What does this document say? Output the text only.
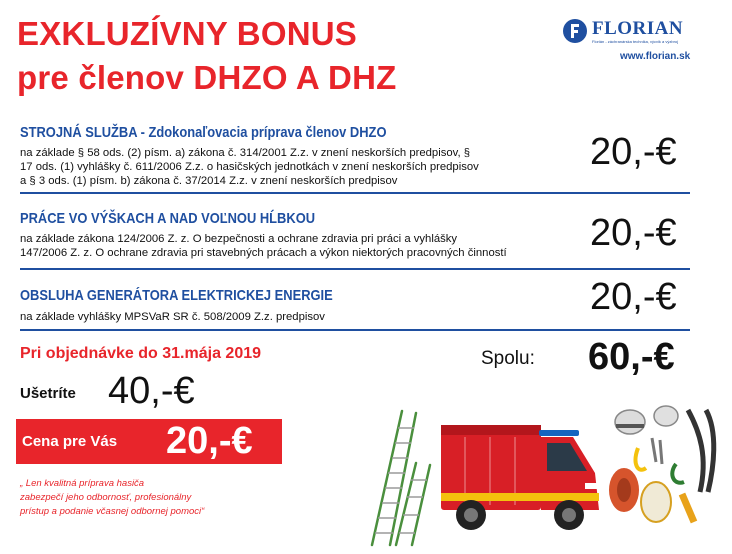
EXKLUZÍVNY BONUS
pre členov DHZO A DHZ
FLORIAN
Florián - záchranárska technika, výcvik a výzbroj
www.florian.sk
STROJNÁ SLUŽBA - Zdokonaľovacia príprava členov DHZO
na základe § 58 ods. (2) písm. a) zákona č. 314/2001 Z.z. v znení neskorších predpisov, §
17 ods. (1) vyhlášky č. 611/2006 Z.z. o hasičských jednotkách v znení neskorších predpisov
a § 3 ods. (1) písm. b) zákona č. 37/2014 Z.z. v znení neskorších predpisov
20,-€
PRÁCE VO VÝŠKACH A NAD VOĽNOU HĹBKOU
na základe zákona 124/2006 Z. z. O bezpečnosti a ochrane zdravia pri práci a vyhlášky
147/2006 Z. z. O ochrane zdravia pri stavebných prácach a výkon niektorých pracovných činností 20,-€
OBSLUHA GENERÁTORA ELEKTRICKEJ ENERGIE
na základe vyhlášky MPSVaR SR č. 508/2009 Z.z. predpisov	20,-€
Pri objednávke do 31.mája 2019	Spolu: 60,-€
Ušetríte 40,-€
Cena pre Vás 20,-€
„ Len kvalitná príprava hasiča
zabezpečí jeho odbornosť, profesionálny
prístup a podanie včasnej odbornej pomoci“
